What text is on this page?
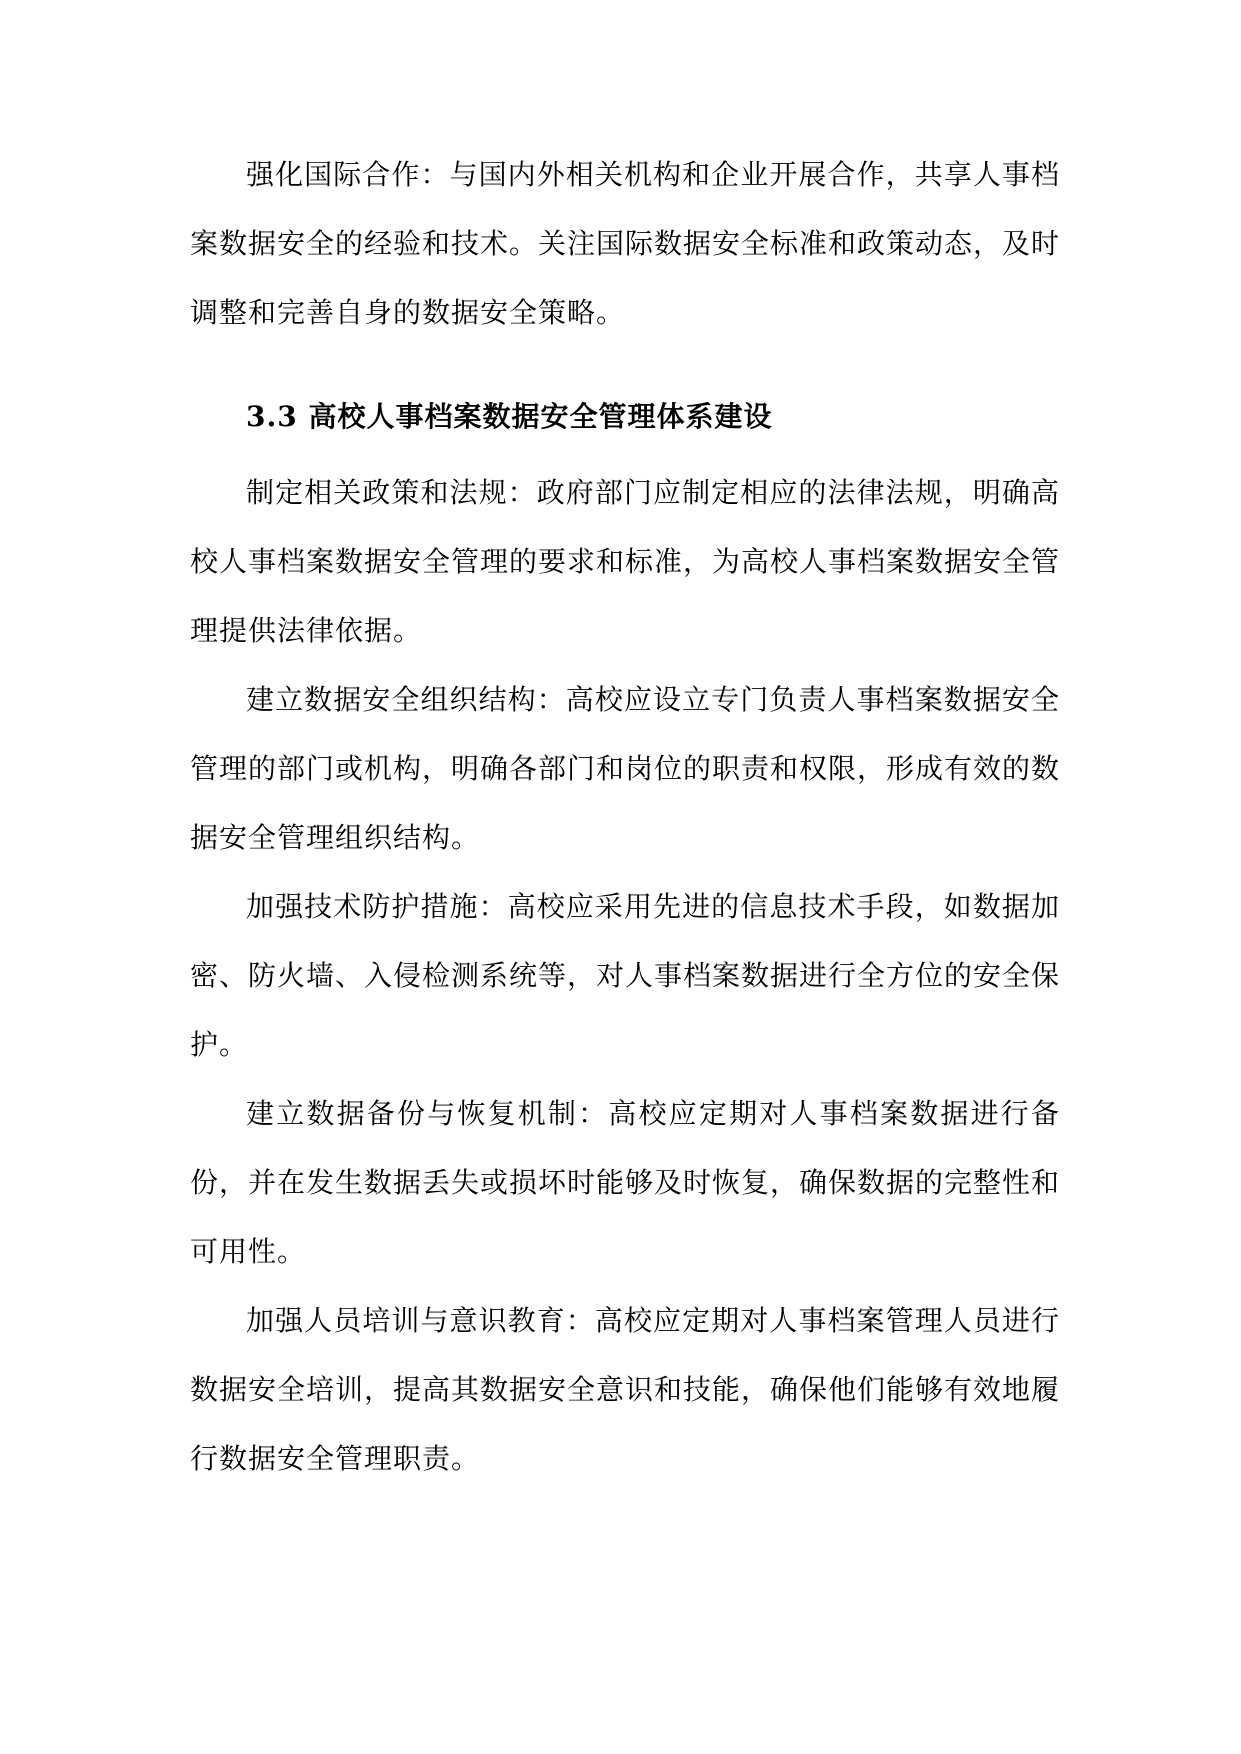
强化国际合作：与国内外相关机构和企业开展合作，共享人事档案数据安全的经验和技术。关注国际数据安全标准和政策动态，及时调整和完善自身的数据安全策略。

3.3 高校人事档案数据安全管理体系建设

制定相关政策和法规：政府部门应制定相应的法律法规，明确高校人事档案数据安全管理的要求和标准，为高校人事档案数据安全管理提供法律依据。

建立数据安全组织结构：高校应设立专门负责人事档案数据安全管理的部门或机构，明确各部门和岗位的职责和权限，形成有效的数据安全管理组织结构。

加强技术防护措施：高校应采用先进的信息技术手段，如数据加密、防火墙、入侵检测系统等，对人事档案数据进行全方位的安全保护。

建立数据备份与恢复机制：高校应定期对人事档案数据进行备份，并在发生数据丢失或损坏时能够及时恢复，确保数据的完整性和可用性。

加强人员培训与意识教育：高校应定期对人事档案管理人员进行数据安全培训，提高其数据安全意识和技能，确保他们能够有效地履行数据安全管理职责。
